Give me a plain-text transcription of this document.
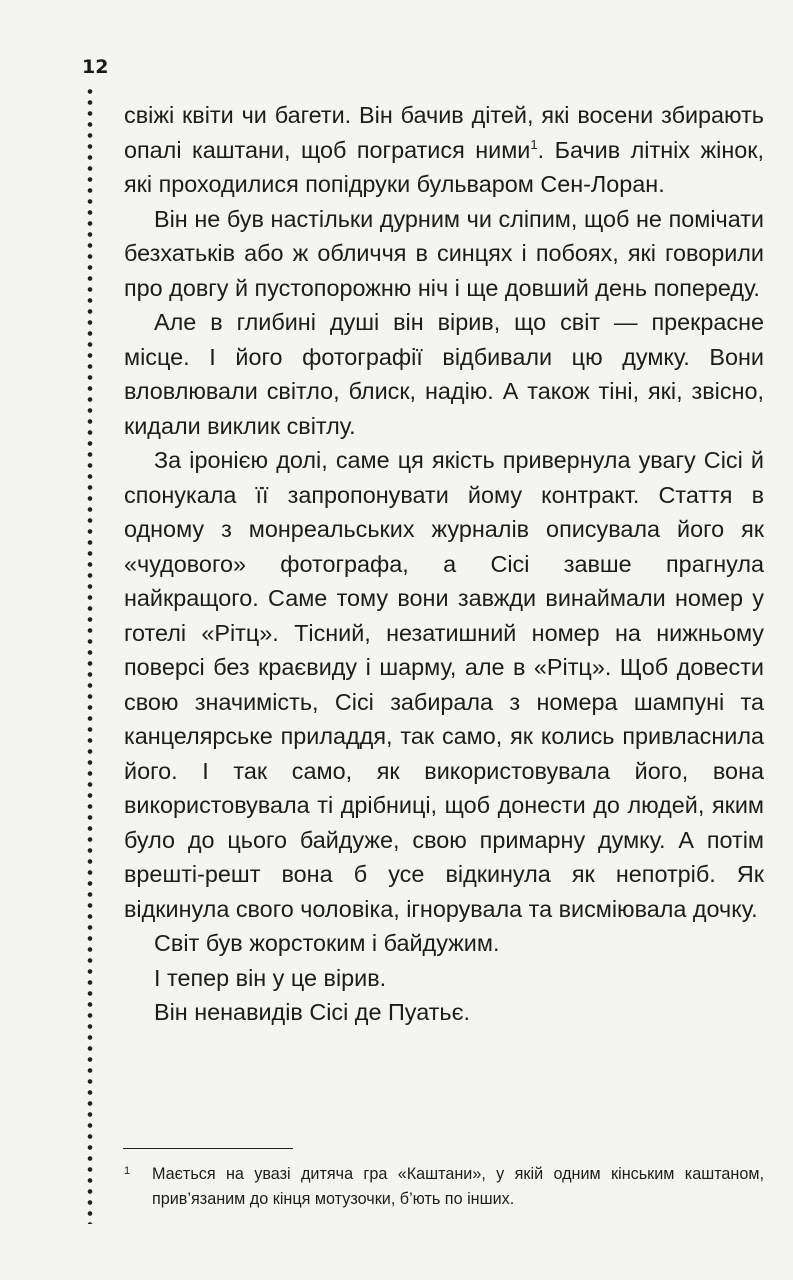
12

свіжі квіти чи багети. Він бачив дітей, які восени збирають опалі каштани, щоб погратися ними$^1$. Бачив літніх жінок, які проходилися попідруки бульваром Сен-Лоран.

Він не був настільки дурним чи сліпим, щоб не помічати безхатьків або ж обличчя в синцях і побоях, які говорили про довгу й пустопорожню ніч і ще довший день попереду.

Але в глибині душі він вірив, що світ — прекрасне місце. І його фотографії відбивали цю думку. Вони вловлювали світло, блиск, надію. А також тіні, які, звісно, кидали виклик світлу.

За іронією долі, саме ця якість привернула увагу Сісі й спонукала її запропонувати йому контракт. Стаття в одному з монреальських журналів описувала його як «чудового» фотографа, а Сісі завше прагнула найкращого. Саме тому вони завжди винаймали номер у готелі «Рітц». Тісний, незатишний номер на нижньому поверсі без краєвиду і шарму, але в «Рітц». Щоб довести свою значимість, Сісі забирала з номера шампуні та канцелярське приладдя, так само, як колись привласнила його. І так само, як використовувала його, вона використовувала ті дрібниці, щоб донести до людей, яким було до цього байдуже, свою примарну думку. А потім врешті-решт вона б усе відкинула як непотріб. Як відкинула свого чоловіка, ігнорувала та висміювала дочку.

Світ був жорстоким і байдужим.

І тепер він у це вірив.

Він ненавидів Сісі де Пуатьє.

1	Мається на увазі дитяча гра «Каштани», у якій одним кінським каштаном, прив’язаним до кінця мотузочки, б’ють по інших.
